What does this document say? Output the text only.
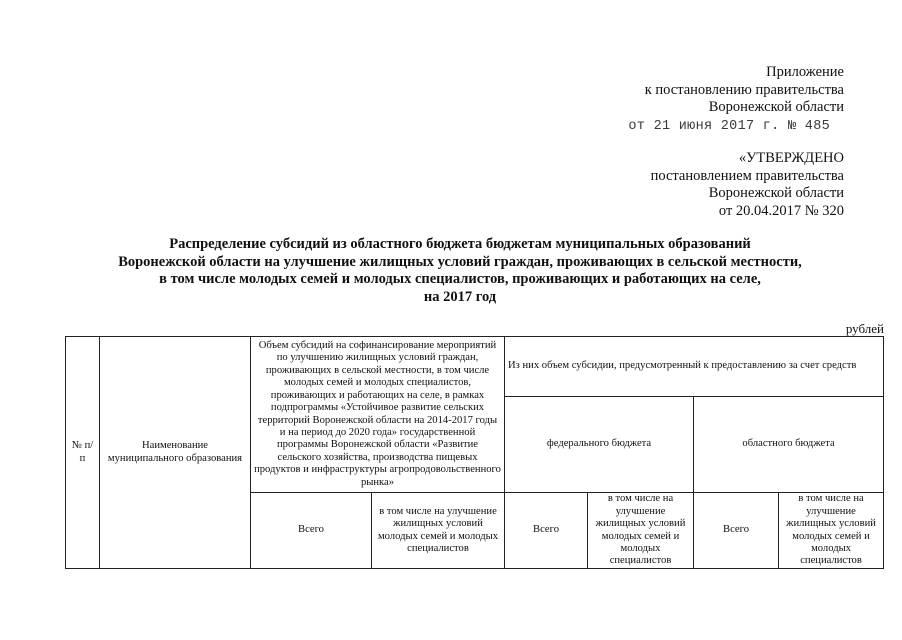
Приложение
к постановлению правительства
Воронежской области
от 21 июня 2017 г. № 485
«УТВЕРЖДЕНО
постановлением правительства
Воронежской области
от 20.04.2017 № 320
Распределение субсидий из областного бюджета бюджетам муниципальных образований
Воронежской области на улучшение жилищных условий граждан, проживающих в сельской местности,
в том числе молодых семей и молодых специалистов, проживающих и работающих на селе,
на 2017 год
рублей
№ п/п	Наименование муниципального образования	Объем субсидий на софинансирование мероприятий по улучшению жилищных условий граждан, проживающих в сельской местности, в том числе молодых семей и молодых специалистов, проживающих и работающих на селе, в рамках подпрограммы «Устойчивое развитие сельских территорий Воронежской области на 2014-2017 годы и на период до 2020 года» государственной программы Воронежской области «Развитие сельского хозяйства, производства пищевых продуктов и инфраструктуры агропродовольственного рынка»		Из них объем субсидии, предусмотренный к предоставлению за счет средств			
				федерального бюджета		областного бюджета	
		Всего	в том числе на улучшение жилищных условий молодых семей и молодых специалистов	Всего	в том числе на улучшение жилищных условий молодых семей и молодых специалистов	Всего	в том числе на улучшение жилищных условий молодых семей и молодых специалистов
